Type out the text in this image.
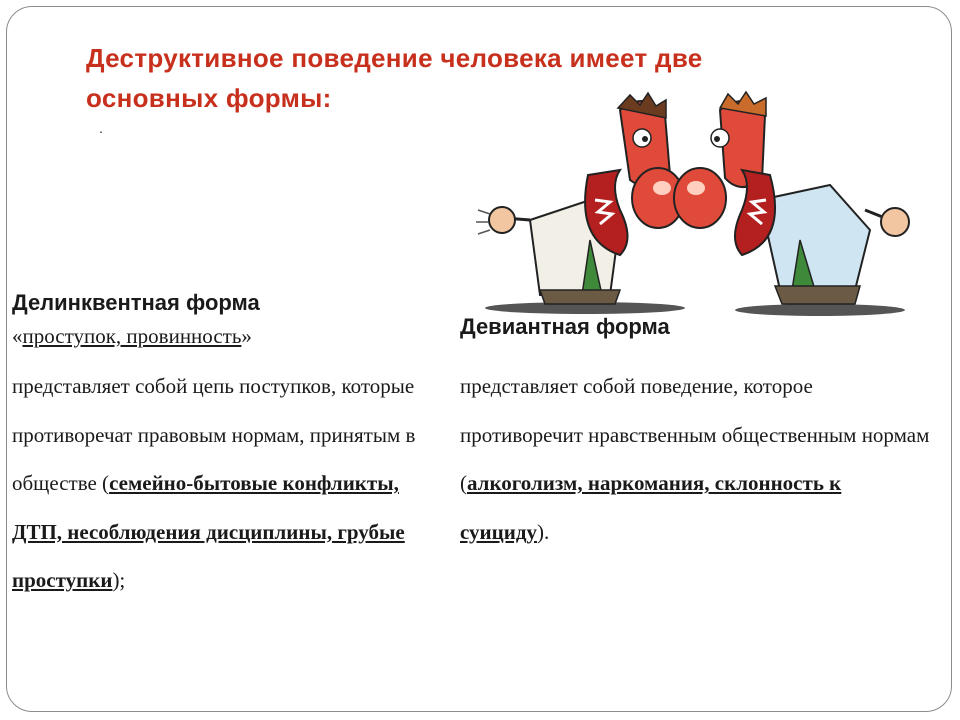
Деструктивное поведение человека имеет две основных формы:
.

Делинквентная форма

«проступок, провинность»

представляет собой цепь поступков, которые противоречат правовым нормам, принятым в обществе (семейно-бытовые конфликты, ДТП, несоблюдения дисциплины, грубые проступки);

Девиантная форма

представляет собой поведение, которое противоречит нравственным общественным нормам (алкоголизм, наркомания, склонность к суициду).
